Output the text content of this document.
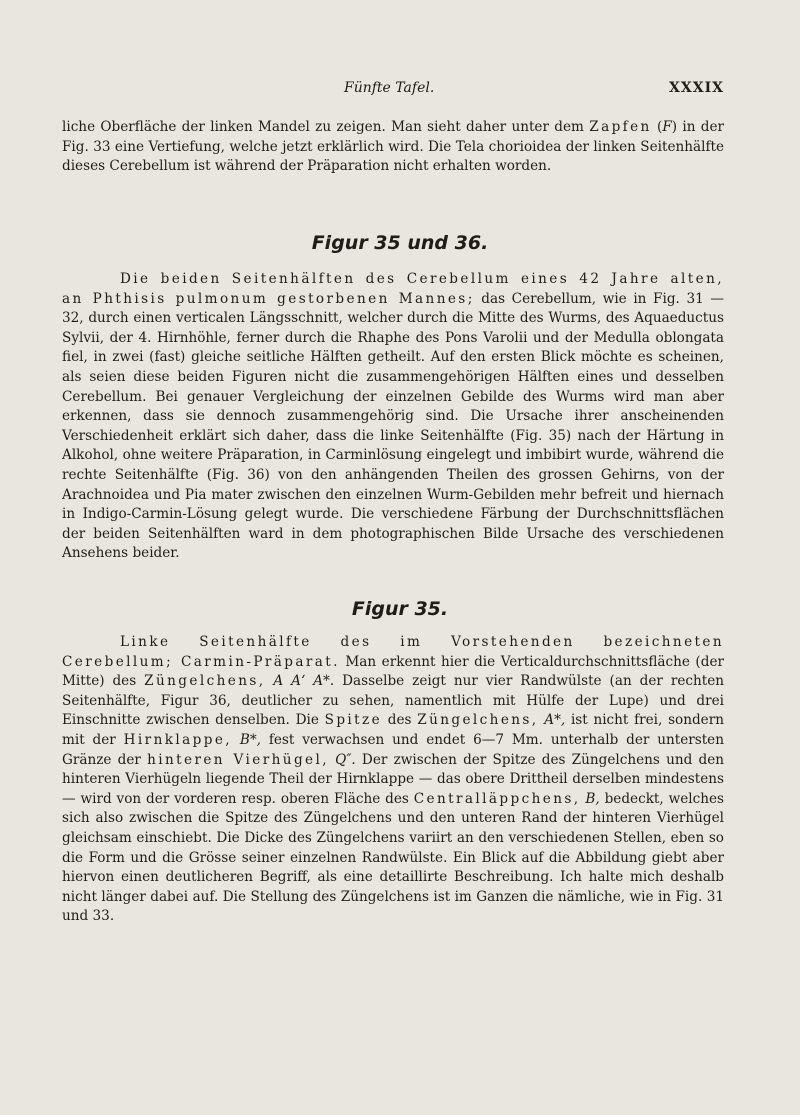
Fünfte Tafel.	XXXIX

liche Oberfläche der linken Mandel zu zeigen. Man sieht daher unter dem Zapfen (F) in der Fig. 33 eine Vertiefung, welche jetzt erklärlich wird. Die Tela chorioidea der linken Seitenhälfte dieses Cerebellum ist während der Präparation nicht erhalten worden.

Figur 35 und 36.

Die beiden Seitenhälften des Cerebellum eines 42 Jahre alten, an Phthisis pulmonum gestorbenen Mannes; das Cerebellum, wie in Fig. 31 — 32, durch einen verticalen Längsschnitt, welcher durch die Mitte des Wurms, des Aquaeductus Sylvii, der 4. Hirnhöhle, ferner durch die Rhaphe des Pons Varolii und der Medulla oblongata fiel, in zwei (fast) gleiche seitliche Hälften getheilt. Auf den ersten Blick möchte es scheinen, als seien diese beiden Figuren nicht die zusammengehörigen Hälften eines und desselben Cerebellum. Bei genauer Vergleichung der einzelnen Gebilde des Wurms wird man aber erkennen, dass sie dennoch zusammengehörig sind. Die Ursache ihrer anscheinenden Verschiedenheit erklärt sich daher, dass die linke Seitenhälfte (Fig. 35) nach der Härtung in Alkohol, ohne weitere Präparation, in Carminlösung eingelegt und imbibirt wurde, während die rechte Seitenhälfte (Fig. 36) von den anhängenden Theilen des grossen Gehirns, von der Arachnoidea und Pia mater zwischen den einzelnen Wurm-Gebilden mehr befreit und hiernach in Indigo-Carmin-Lösung gelegt wurde. Die verschiedene Färbung der Durchschnittsflächen der beiden Seitenhälften ward in dem photographischen Bilde Ursache des verschiedenen Ansehens beider.

Figur 35.

Linke Seitenhälfte des im Vorstehenden bezeichneten Cerebellum; Carmin-Präparat. Man erkennt hier die Verticaldurchschnittsfläche (der Mitte) des Züngelchens, A A‘ A*. Dasselbe zeigt nur vier Randwülste (an der rechten Seitenhälfte, Figur 36, deutlicher zu sehen, namentlich mit Hülfe der Lupe) und drei Einschnitte zwischen denselben. Die Spitze des Züngelchens, A*, ist nicht frei, sondern mit der Hirnklappe, B*, fest verwachsen und endet 6—7 Mm. unterhalb der untersten Gränze der hinteren Vierhügel, Q″. Der zwischen der Spitze des Züngelchens und den hinteren Vierhügeln liegende Theil der Hirnklappe — das obere Drittheil derselben mindestens — wird von der vorderen resp. oberen Fläche des Centralläppchens, B, bedeckt, welches sich also zwischen die Spitze des Züngelchens und den unteren Rand der hinteren Vierhügel gleichsam einschiebt. Die Dicke des Züngelchens variirt an den verschiedenen Stellen, eben so die Form und die Grösse seiner einzelnen Randwülste. Ein Blick auf die Abbildung giebt aber hiervon einen deutlicheren Begriff, als eine detaillirte Beschreibung. Ich halte mich deshalb nicht länger dabei auf. Die Stellung des Züngelchens ist im Ganzen die nämliche, wie in Fig. 31 und 33.
